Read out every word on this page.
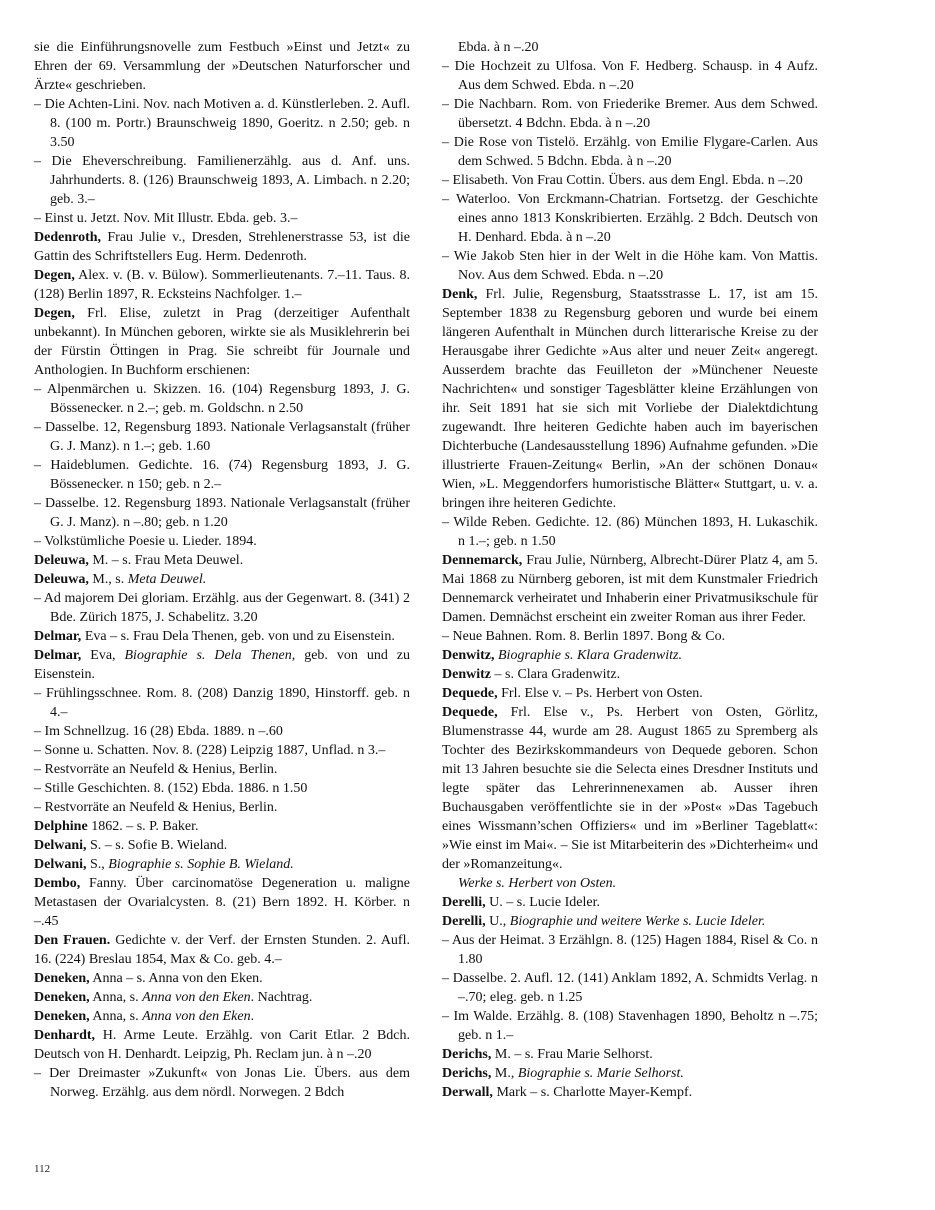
sie die Einführungsnovelle zum Festbuch »Einst und Jetzt« zu Ehren der 69. Versammlung der »Deutschen Naturforscher und Ärzte« geschrieben.

– Die Achten-Lini. Nov. nach Motiven a. d. Künstlerleben. 2. Aufl. 8. (100 m. Portr.) Braunschweig 1890, Goeritz. n 2.50; geb. n 3.50

– Die Eheverschreibung. Familienerzählg. aus d. Anf. uns. Jahrhunderts. 8. (126) Braunschweig 1893, A. Limbach. n 2.20; geb. 3.–

– Einst u. Jetzt. Nov. Mit Illustr. Ebda. geb. 3.–

Dedenroth, Frau Julie v., Dresden, Strehlenerstrasse 53, ist die Gattin des Schriftstellers Eug. Herm. Dedenroth.

Degen, Alex. v. (B. v. Bülow). Sommerlieutenants. 7.–11. Taus. 8. (128) Berlin 1897, R. Ecksteins Nachfolger. 1.–

Degen, Frl. Elise, zuletzt in Prag (derzeitiger Aufenthalt unbekannt). In München geboren, wirkte sie als Musiklehrerin bei der Fürstin Öttingen in Prag. Sie schreibt für Journale und Anthologien. In Buchform erschienen:

– Alpenmärchen u. Skizzen. 16. (104) Regensburg 1893, J. G. Bössenecker. n 2.–; geb. m. Goldschn. n 2.50

– Dasselbe. 12, Regensburg 1893. Nationale Verlagsanstalt (früher G. J. Manz). n 1.–; geb. 1.60

– Haideblumen. Gedichte. 16. (74) Regensburg 1893, J. G. Bössenecker. n 150; geb. n 2.–

– Dasselbe. 12. Regensburg 1893. Nationale Verlagsanstalt (früher G. J. Manz). n –.80; geb. n 1.20

– Volkstümliche Poesie u. Lieder. 1894.

Deleuwa, M. – s. Frau Meta Deuwel.

Deleuwa, M., s. Meta Deuwel.

– Ad majorem Dei gloriam. Erzählg. aus der Gegenwart. 8. (341) 2 Bde. Zürich 1875, J. Schabelitz. 3.20

Delmar, Eva – s. Frau Dela Thenen, geb. von und zu Eisenstein.

Delmar, Eva, Biographie s. Dela Thenen, geb. von und zu Eisenstein.

– Frühlingsschnee. Rom. 8. (208) Danzig 1890, Hinstorff. geb. n 4.–

– Im Schnellzug. 16 (28) Ebda. 1889. n –.60

– Sonne u. Schatten. Nov. 8. (228) Leipzig 1887, Unflad. n 3.–

– Restvorräte an Neufeld & Henius, Berlin.

– Stille Geschichten. 8. (152) Ebda. 1886. n 1.50

– Restvorräte an Neufeld & Henius, Berlin.

Delphine 1862. – s. P. Baker.

Delwani, S. – s. Sofie B. Wieland.

Delwani, S., Biographie s. Sophie B. Wieland.

Dembo, Fanny. Über carcinomatöse Degeneration u. maligne Metastasen der Ovarialcysten. 8. (21) Bern 1892. H. Körber. n –.45

Den Frauen. Gedichte v. der Verf. der Ernsten Stunden. 2. Aufl. 16. (224) Breslau 1854, Max & Co. geb. 4.–

Deneken, Anna – s. Anna von den Eken.

Deneken, Anna, s. Anna von den Eken. Nachtrag.

Deneken, Anna, s. Anna von den Eken.

Denhardt, H. Arme Leute. Erzählg. von Carit Etlar. 2 Bdch. Deutsch von H. Denhardt. Leipzig, Ph. Reclam jun. à n –.20

– Der Dreimaster »Zukunft« von Jonas Lie. Übers. aus dem Norweg. Erzählg. aus dem nördl. Norwegen. 2 Bdch

Ebda. à n –.20

– Die Hochzeit zu Ulfosa. Von F. Hedberg. Schausp. in 4 Aufz. Aus dem Schwed. Ebda. n –.20

– Die Nachbarn. Rom. von Friederike Bremer. Aus dem Schwed. übersetzt. 4 Bdchn. Ebda. à n –.20

– Die Rose von Tistelö. Erzählg. von Emilie Flygare-Carlen. Aus dem Schwed. 5 Bdchn. Ebda. à n –.20

– Elisabeth. Von Frau Cottin. Übers. aus dem Engl. Ebda. n –.20

– Waterloo. Von Erckmann-Chatrian. Fortsetzg. der Geschichte eines anno 1813 Konskribierten. Erzählg. 2 Bdch. Deutsch von H. Denhard. Ebda. à n –.20

– Wie Jakob Sten hier in der Welt in die Höhe kam. Von Mattis. Nov. Aus dem Schwed. Ebda. n –.20

Denk, Frl. Julie, Regensburg, Staatsstrasse L. 17, ist am 15. September 1838 zu Regensburg geboren und wurde bei einem längeren Aufenthalt in München durch litterarische Kreise zu der Herausgabe ihrer Gedichte »Aus alter und neuer Zeit« angeregt. Ausserdem brachte das Feuilleton der »Münchener Neueste Nachrichten« und sonstiger Tagesblätter kleine Erzählungen von ihr. Seit 1891 hat sie sich mit Vorliebe der Dialektdichtung zugewandt. Ihre heiteren Gedichte haben auch im bayerischen Dichterbuche (Landesausstellung 1896) Aufnahme gefunden. »Die illustrierte Frauen-Zeitung« Berlin, »An der schönen Donau« Wien, »L. Meggendorfers humoristische Blätter« Stuttgart, u. v. a. bringen ihre heiteren Gedichte.

– Wilde Reben. Gedichte. 12. (86) München 1893, H. Lukaschik. n 1.–; geb. n 1.50

Dennemarck, Frau Julie, Nürnberg, Albrecht-Dürer Platz 4, am 5. Mai 1868 zu Nürnberg geboren, ist mit dem Kunstmaler Friedrich Dennemarck verheiratet und Inhaberin einer Privatmusikschule für Damen. Demnächst erscheint ein zweiter Roman aus ihrer Feder.

– Neue Bahnen. Rom. 8. Berlin 1897. Bong & Co.

Denwitz, Biographie s. Klara Gradenwitz.

Denwitz – s. Clara Gradenwitz.

Dequede, Frl. Else v. – Ps. Herbert von Osten.

Dequede, Frl. Else v., Ps. Herbert von Osten, Görlitz, Blumenstrasse 44, wurde am 28. August 1865 zu Spremberg als Tochter des Bezirkskommandeurs von Dequede geboren. Schon mit 13 Jahren besuchte sie die Selecta eines Dresdner Instituts und legte später das Lehrerinnenexamen ab. Ausser ihren Buchausgaben veröffentlichte sie in der »Post« »Das Tagebuch eines Wissmann’schen Offiziers« und im »Berliner Tageblatt«: »Wie einst im Mai«. – Sie ist Mitarbeiterin des »Dichterheim« und der »Romanzeitung«.

Werke s. Herbert von Osten.

Derelli, U. – s. Lucie Ideler.

Derelli, U., Biographie und weitere Werke s. Lucie Ideler.

– Aus der Heimat. 3 Erzählgn. 8. (125) Hagen 1884, Risel & Co. n 1.80

– Dasselbe. 2. Aufl. 12. (141) Anklam 1892, A. Schmidts Verlag. n –.70; eleg. geb. n 1.25

– Im Walde. Erzählg. 8. (108) Stavenhagen 1890, Beholtz n –.75; geb. n 1.–

Derichs, M. – s. Frau Marie Selhorst.

Derichs, M., Biographie s. Marie Selhorst.

Derwall, Mark – s. Charlotte Mayer-Kempf.

112
